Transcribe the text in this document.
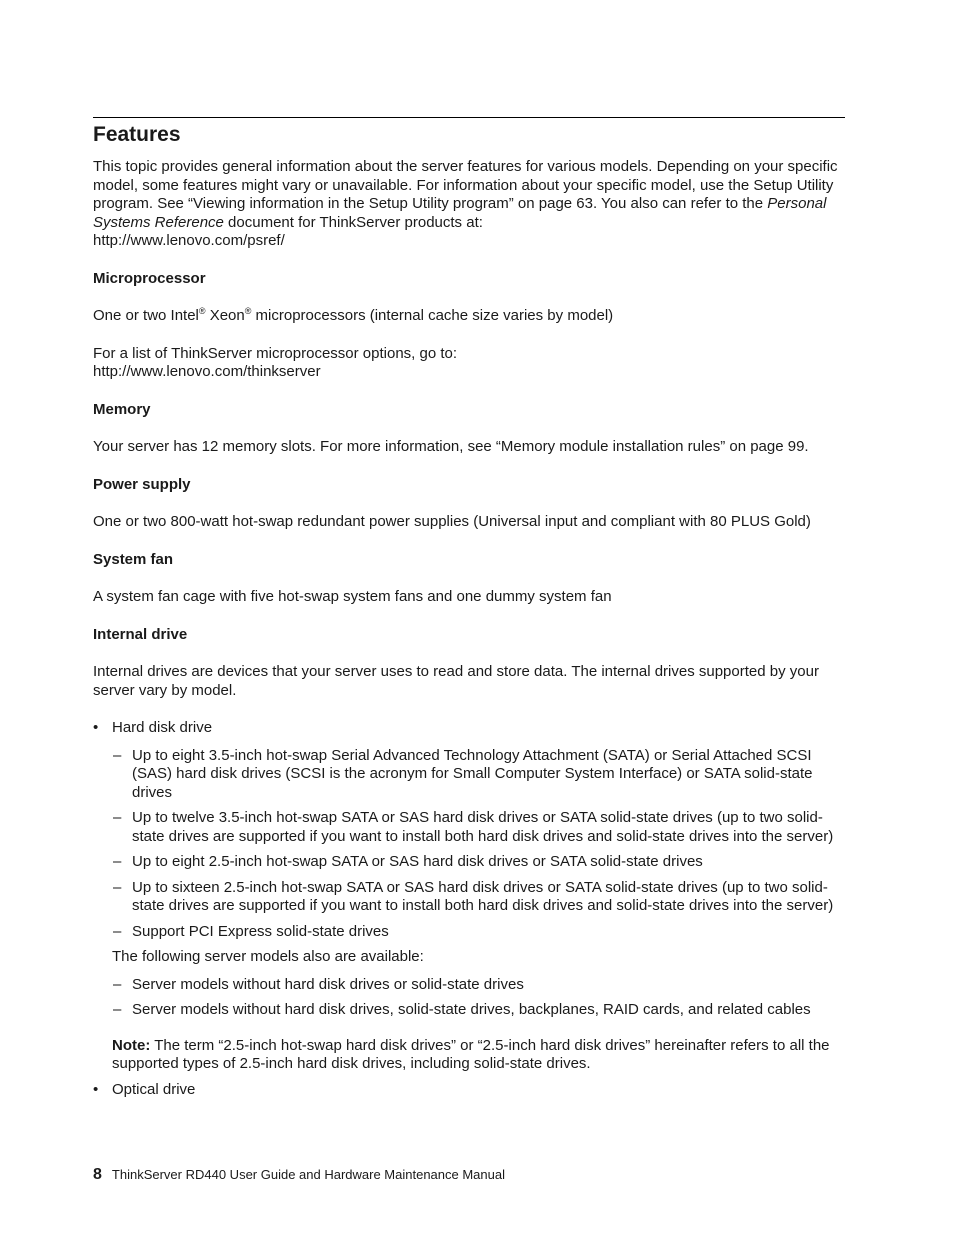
Features

This topic provides general information about the server features for various models. Depending on your specific model, some features might vary or unavailable. For information about your specific model, use the Setup Utility program. See “Viewing information in the Setup Utility program” on page 63. You also can refer to the Personal Systems Reference document for ThinkServer products at:
http://www.lenovo.com/psref/

Microprocessor

One or two Intel® Xeon® microprocessors (internal cache size varies by model)

For a list of ThinkServer microprocessor options, go to:
http://www.lenovo.com/thinkserver

Memory

Your server has 12 memory slots. For more information, see “Memory module installation rules” on page 99.

Power supply

One or two 800-watt hot-swap redundant power supplies (Universal input and compliant with 80 PLUS Gold)

System fan

A system fan cage with five hot-swap system fans and one dummy system fan

Internal drive

Internal drives are devices that your server uses to read and store data. The internal drives supported by your server vary by model.

• Hard disk drive
– Up to eight 3.5-inch hot-swap Serial Advanced Technology Attachment (SATA) or Serial Attached SCSI (SAS) hard disk drives (SCSI is the acronym for Small Computer System Interface) or SATA solid-state drives
– Up to twelve 3.5-inch hot-swap SATA or SAS hard disk drives or SATA solid-state drives (up to two solid-state drives are supported if you want to install both hard disk drives and solid-state drives into the server)
– Up to eight 2.5-inch hot-swap SATA or SAS hard disk drives or SATA solid-state drives
– Up to sixteen 2.5-inch hot-swap SATA or SAS hard disk drives or SATA solid-state drives (up to two solid-state drives are supported if you want to install both hard disk drives and solid-state drives into the server)
– Support PCI Express solid-state drives
The following server models also are available:
– Server models without hard disk drives or solid-state drives
– Server models without hard disk drives, solid-state drives, backplanes, RAID cards, and related cables
Note: The term “2.5-inch hot-swap hard disk drives” or “2.5-inch hard disk drives” hereinafter refers to all the supported types of 2.5-inch hard disk drives, including solid-state drives.
• Optical drive
8 ThinkServer RD440 User Guide and Hardware Maintenance Manual
